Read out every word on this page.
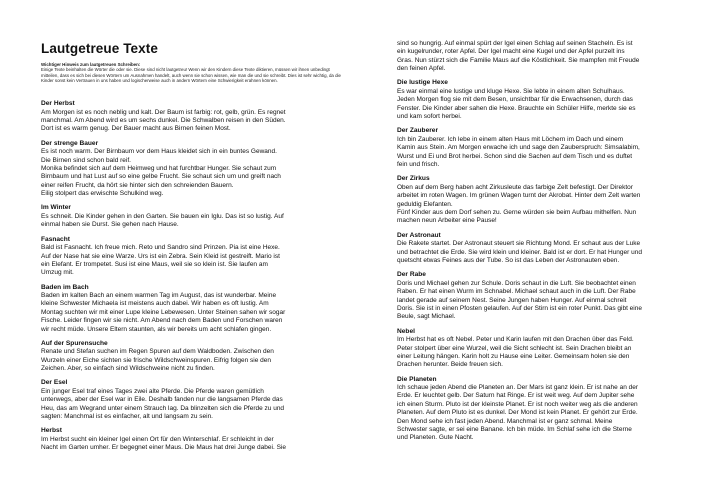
Lautgetreue Texte
Wichtiger Hinweis zum lautgetreuen Schreiben:
Einige Texte beinhalten die Wörter die oder sie. Diese sind nicht lautgetreu! Wenn wir den Kindern diese Texte diktieren, müssen wir ihnen unbedingt mitteilen, dass es sich bei diesen Wörtern um Ausnahmen handelt, auch wenn sie schon wissen, wie man die und sie schreibt. Dies ist sehr wichtig, da die Kinder sonst kein Vertrauen in uns haben und logischerweise auch in andern Wörtern eine Schwierigkeit erahnen können.
Der Herbst

Am Morgen ist es noch neblig und kalt. Der Baum ist farbig: rot, gelb, grün. Es regnet
manchmal. Am Abend wird es um sechs dunkel. Die Schwalben reisen in den Süden.
Dort ist es warm genug. Der Bauer macht aus Birnen feinen Most.

Der strenge Bauer

Es ist noch warm. Der Birnbaum vor dem Haus kleidet sich in ein buntes Gewand.
Die Birnen sind schon bald reif.
Monika befindet sich auf dem Heimweg und hat furchtbar Hunger. Sie schaut zum
Birnbaum und hat Lust auf so eine gelbe Frucht. Sie schaut sich um und greift nach
einer reifen Frucht, da hört sie hinter sich den schreienden Bauern.
Eilig stolpert das erwischte Schulkind weg.

Im Winter

Es schneit. Die Kinder gehen in den Garten. Sie bauen ein Iglu. Das ist so lustig. Auf
einmal haben sie Durst. Sie gehen nach Hause.

Fasnacht

Bald ist Fasnacht. Ich freue mich. Reto und Sandro sind Prinzen. Pia ist eine Hexe.
Auf der Nase hat sie eine Warze. Urs ist ein Zebra. Sein Kleid ist gestreift. Mario ist
ein Elefant. Er trompetet. Susi ist eine Maus, weil sie so klein ist. Sie laufen am
Umzug mit.

Baden im Bach

Baden im kalten Bach an einem warmen Tag im August, das ist wunderbar. Meine
kleine Schwester Michaela ist meistens auch dabei. Wir haben es oft lustig. Am
Montag suchten wir mit einer Lupe kleine Lebewesen. Unter Steinen sahen wir sogar
Fische. Leider fingen wir sie nicht. Am Abend nach dem Baden und Forschen waren
wir recht müde. Unsere Eltern staunten, als wir bereits um acht schlafen gingen.

Auf der Spurensuche

Renate und Stefan suchen im Regen Spuren auf dem Waldboden. Zwischen den
Wurzeln einer Eiche sichten sie frische Wildschweinspuren. Eifrig folgen sie den
Zeichen. Aber, so einfach sind Wildschweine nicht zu finden.

Der Esel

Ein junger Esel traf eines Tages zwei alte Pferde. Die Pferde waren gemütlich
unterwegs, aber der Esel war in Eile. Deshalb fanden nur die langsamen Pferde das
Heu, das am Wegrand unter einem Strauch lag. Da blinzelten sich die Pferde zu und
sagten: Manchmal ist es einfacher, alt und langsam zu sein.

Herbst

Im Herbst sucht ein kleiner Igel einen Ort für den Winterschlaf. Er schleicht in der
Nacht im Garten umher. Er begegnet einer Maus. Die Maus hat drei Junge dabei. Sie

sind so hungrig. Auf einmal spürt der Igel einen Schlag auf seinen Stacheln. Es ist
ein kugelrunder, roter Apfel. Der Igel macht eine Kugel und der Apfel purzelt ins
Gras. Nun stürzt sich die Familie Maus auf die Köstlichkeit. Sie mampfen mit Freude
den feinen Apfel.

Die lustige Hexe

Es war einmal eine lustige und kluge Hexe. Sie lebte in einem alten Schulhaus.
Jeden Morgen flog sie mit dem Besen, unsichtbar für die Erwachsenen, durch das
Fenster. Die Kinder aber sahen die Hexe. Brauchte ein Schüler Hilfe, merkte sie es
und kam sofort herbei.

Der Zauberer

Ich bin Zauberer. Ich lebe in einem alten Haus mit Löchern im Dach und einem
Kamin aus Stein. Am Morgen erwache ich und sage den Zauberspruch: Simsalabim,
Wurst und Ei und Brot herbei. Schon sind die Sachen auf dem Tisch und es duftet
fein und frisch.

Der Zirkus

Oben auf dem Berg haben acht Zirkusleute das farbige Zelt befestigt. Der Direktor
arbeitet im roten Wagen. Im grünen Wagen turnt der Akrobat. Hinter dem Zelt warten
geduldig Elefanten.
Fünf Kinder aus dem Dorf sehen zu. Gerne würden sie beim Aufbau mithelfen. Nun
machen neun Arbeiter eine Pause!

Der Astronaut

Die Rakete startet. Der Astronaut steuert sie Richtung Mond. Er schaut aus der Luke
und betrachtet die Erde. Sie wird klein und kleiner. Bald ist er dort. Er hat Hunger und
quetscht etwas Feines aus der Tube. So ist das Leben der Astronauten eben.

Der Rabe

Doris und Michael gehen zur Schule. Doris schaut in die Luft. Sie beobachtet einen
Raben. Er hat einen Wurm im Schnabel. Michael schaut auch in die Luft. Der Rabe
landet gerade auf seinem Nest. Seine Jungen haben Hunger. Auf einmal schreit
Doris. Sie ist in einen Pfosten gelaufen. Auf der Stirn ist ein roter Punkt. Das gibt eine
Beule, sagt Michael.

Nebel

Im Herbst hat es oft Nebel. Peter und Karin laufen mit den Drachen über das Feld.
Peter stolpert über eine Wurzel, weil die Sicht schlecht ist. Sein Drachen bleibt an
einer Leitung hängen. Karin holt zu Hause eine Leiter. Gemeinsam holen sie den
Drachen herunter. Beide freuen sich.

Die Planeten

Ich schaue jeden Abend die Planeten an. Der Mars ist ganz klein. Er ist nahe an der
Erde. Er leuchtet gelb. Der Saturn hat Ringe. Er ist weit weg. Auf dem Jupiter sehe
ich einen Sturm. Pluto ist der kleinste Planet. Er ist noch weiter weg als die anderen
Planeten. Auf dem Pluto ist es dunkel. Der Mond ist kein Planet. Er gehört zur Erde.
Den Mond sehe ich fast jeden Abend. Manchmal ist er ganz schmal. Meine
Schwester sagte, er sei eine Banane. Ich bin müde. Im Schlaf sehe ich die Sterne
und Planeten. Gute Nacht.
